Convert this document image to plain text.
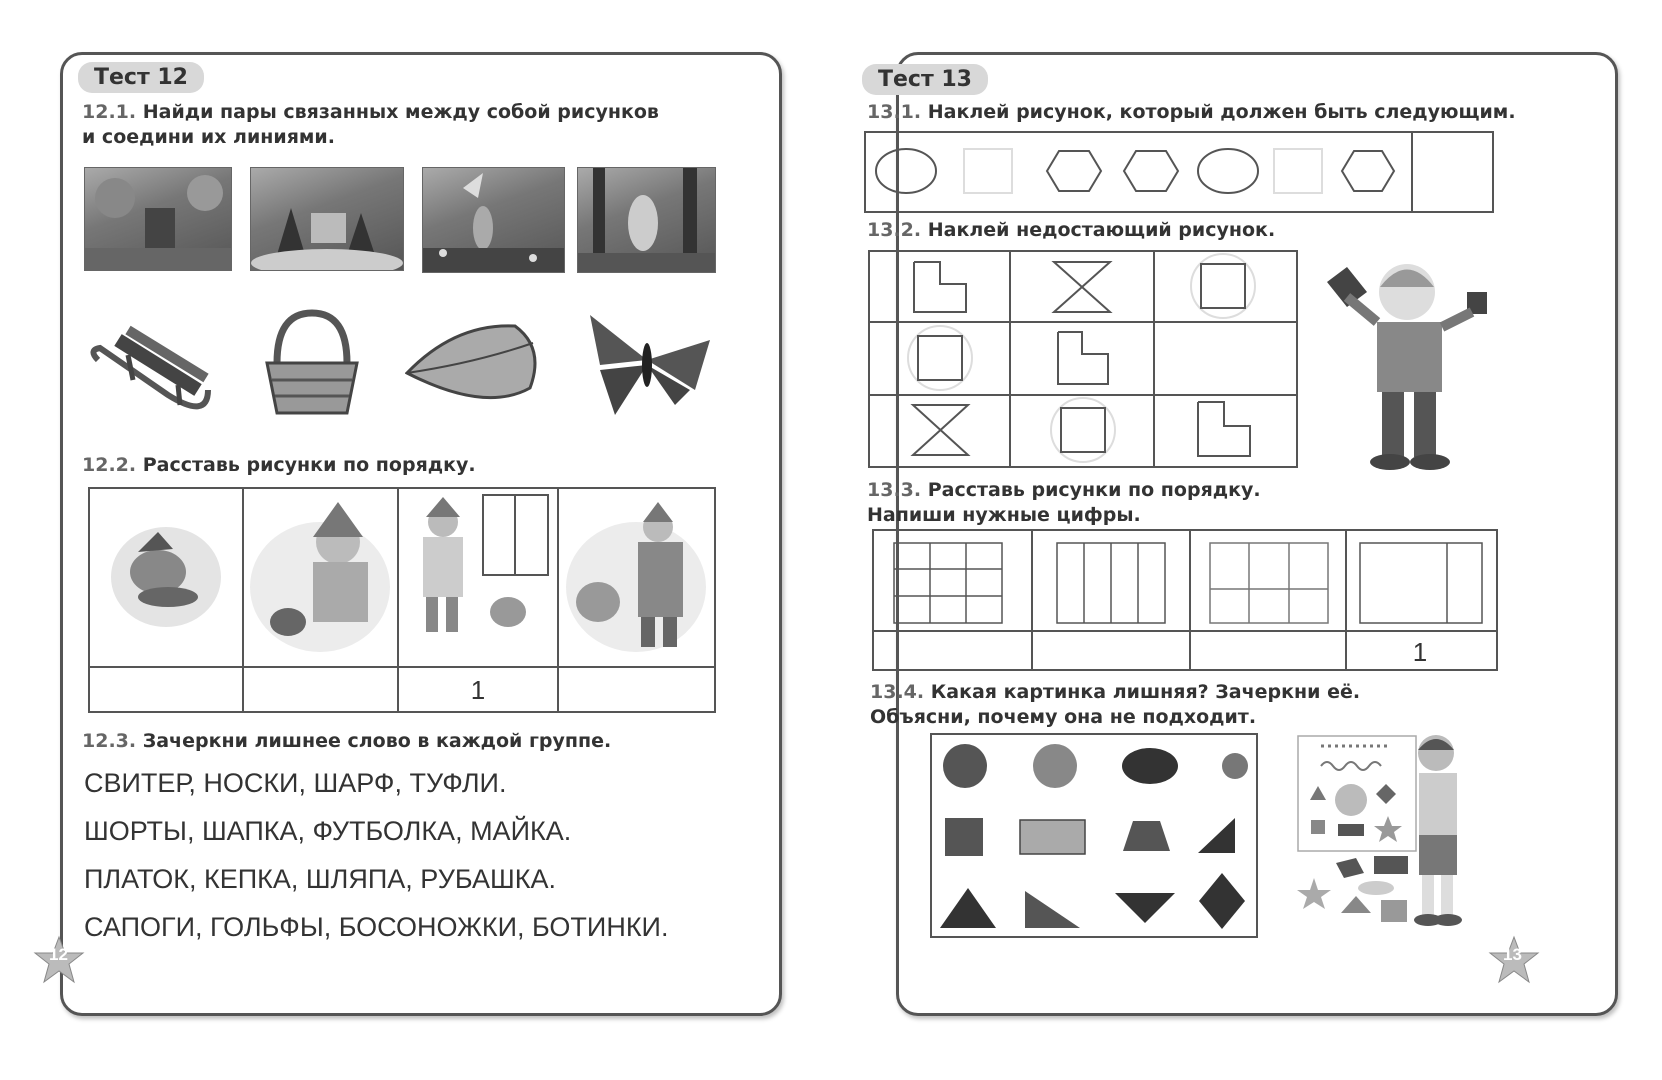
Тест 12
12.1. Найди пары связанных между собой рисунков
и соедини их линиями.
12.2. Расставь рисунки по порядку.
1
12.3. Зачеркни лишнее слово в каждой группе.
СВИТЕР, НОСКИ, ШАРФ, ТУФЛИ.
ШОРТЫ, ШАПКА, ФУТБОЛКА, МАЙКА.
ПЛАТОК, КЕПКА, ШЛЯПА, РУБАШКА.
САПОГИ, ГОЛЬФЫ, БОСОНОЖКИ, БОТИНКИ.
12
Тест 13
13.1. Наклей рисунок, который должен быть следующим.
13.2. Наклей недостающий рисунок.
13.3. Расставь рисунки по порядку.
Напиши нужные цифры.
1
13.4. Какая картинка лишняя? Зачеркни её.
Объясни, почему она не подходит.
13
